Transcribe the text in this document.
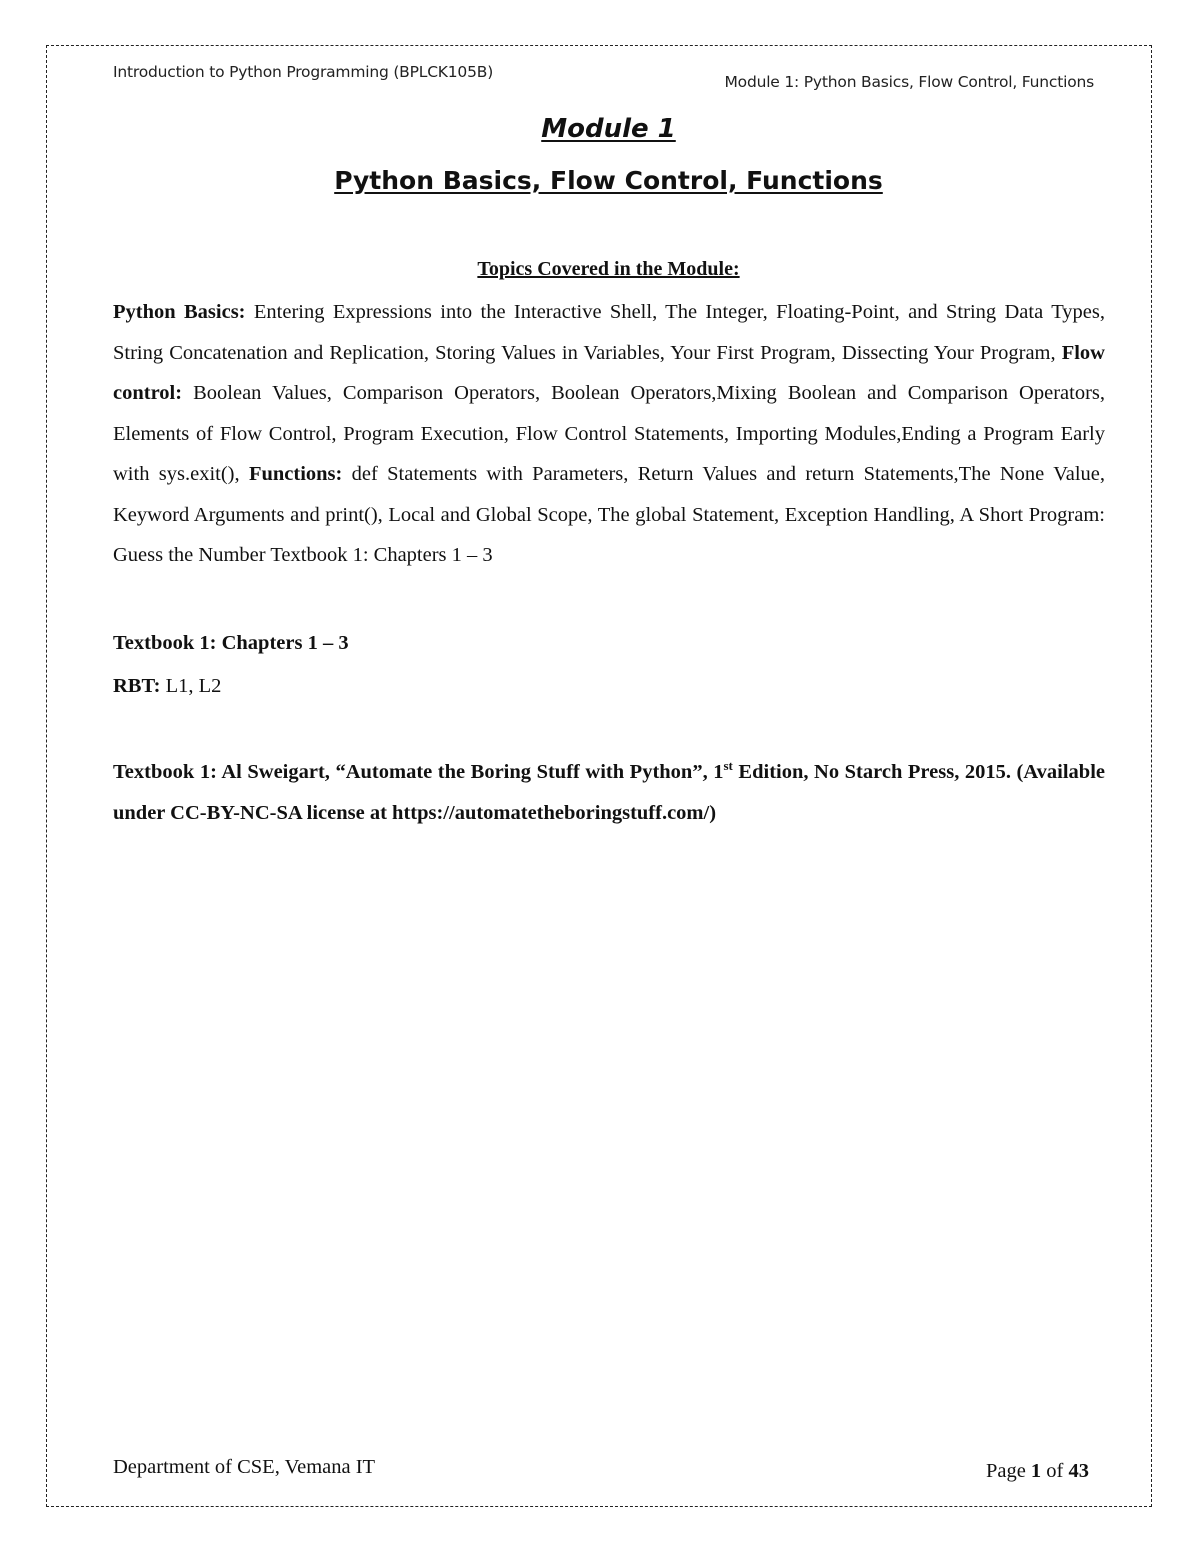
Introduction to Python Programming (BPLCK105B)
Module 1: Python Basics, Flow Control, Functions
Module 1
Python Basics, Flow Control, Functions
Topics Covered in the Module:
Python Basics: Entering Expressions into the Interactive Shell, The Integer, Floating-Point, and String Data Types, String Concatenation and Replication, Storing Values in Variables, Your First Program, Dissecting Your Program, Flow control: Boolean Values, Comparison Operators, Boolean Operators,Mixing Boolean and Comparison Operators, Elements of Flow Control, Program Execution, Flow Control Statements, Importing Modules,Ending a Program Early with sys.exit(), Functions: def Statements with Parameters, Return Values and return Statements,The None Value, Keyword Arguments and print(), Local and Global Scope, The global Statement, Exception Handling, A Short Program: Guess the Number Textbook 1: Chapters 1 – 3
Textbook 1: Chapters 1 – 3
RBT: L1, L2
Textbook 1: Al Sweigart, “Automate the Boring Stuff with Python”, 1st Edition, No Starch Press, 2015. (Available under CC-BY-NC-SA license at https://automatetheboringstuff.com/)
Department of CSE, Vemana IT	Page 1 of 43
